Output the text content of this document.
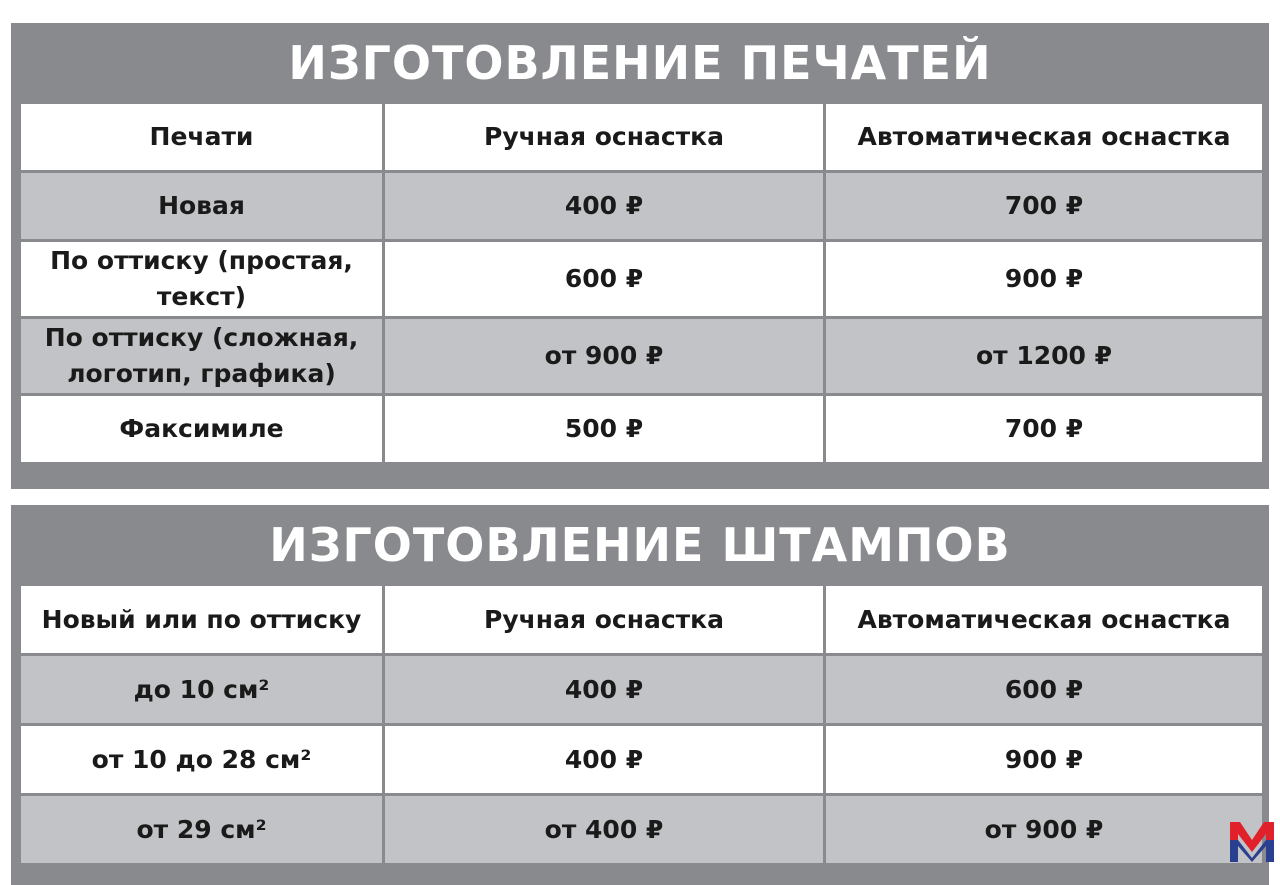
ИЗГОТОВЛЕНИЕ ПЕЧАТЕЙ
Печати	Ручная оснастка	Автоматическая оснастка
Новая	400 ₽	700 ₽
По оттиску (простая, текст)	600 ₽	900 ₽
По оттиску (сложная, логотип, графика)	от 900 ₽	от 1200 ₽
Факсимиле	500 ₽	700 ₽
ИЗГОТОВЛЕНИЕ ШТАМПОВ
Новый или по оттиску	Ручная оснастка	Автоматическая оснастка
до 10 см²	400 ₽	600 ₽
от 10 до 28 см²	400 ₽	900 ₽
от 29 см²	от 400 ₽	от 900 ₽
